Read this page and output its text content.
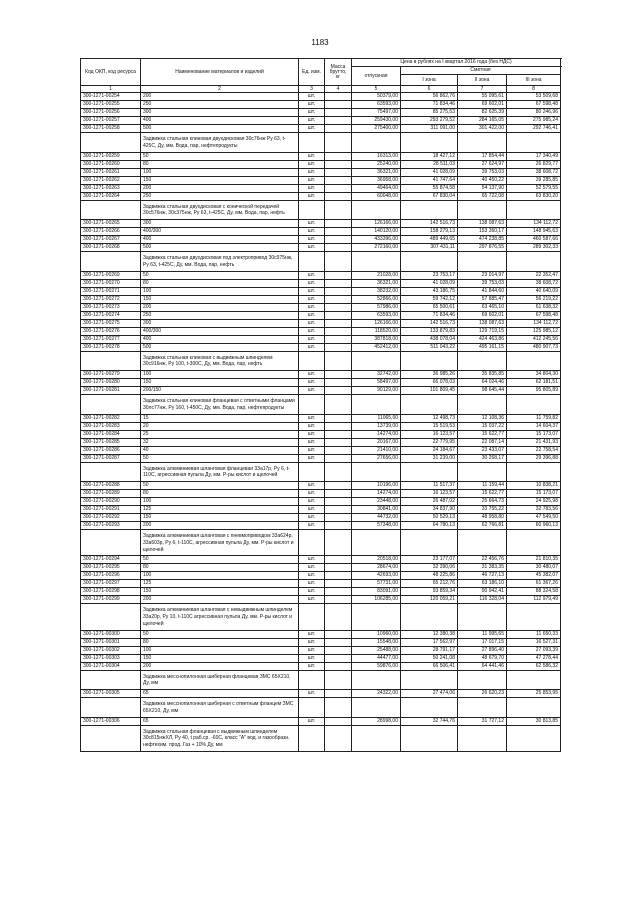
1183
Код ОКП, код ресурса	Наименование материалов и изделий	Ед. изм.	Масса брутто, кг	Цена в рублях на I квартал 2016 года (без НДС)				
				отпускная	Сметная			
					I зона	II зона	III зона	
1	2	3	4	5	6	7	8	
300-1271-00254	200	шт.		50379,00	56 862,76	55 095,61	53 509,68	
300-1271-00255	250	шт.		63593,00	71 834,46	69 602,01	67 598,48	
300-1271-00256	300	шт.		75497,00	85 275,53	82 625,39	80 246,96	
300-1271-00257	400	шт.		259430,00	293 279,52	284 165,05	275 985,24	
300-1271-00258	500	шт.		275400,00	311 091,00	301 422,00	292 746,41	
	Задвижка стальная клиновая двухдисковая 30с76нж Ру 63, t-425С, Ду, мм. Вода, пар, нефтепродукты							
300-1271-00259	50	шт.		16313,00	18 427,12	17 854,44	17 340,49	
300-1271-00260	80	шт.		25240,00	28 511,03	27 624,97	26 829,77	
300-1271-00261	100	шт.		36321,00	41 028,09	39 753,03	38 608,72	
300-1271-00262	150	шт.		36958,00	41 747,64	40 450,22	39 285,85	
300-1271-00263	200	шт.		49464,00	55 874,58	54 137,90	52 579,55	
300-1271-00264	250	шт.		60048,00	67 830,04	65 722,08	63 830,20	
	Задвижка стальная двухдисковая с конической передачей 30с576нж, 30с375нж, Ру 63, t-425С, Ду, мм. Вода, пар, нефть							
300-1271-00265	300	шт.		126166,00	142 516,73	138 087,63	134 112,72	
300-1271-00266	400/300	шт.		140120,00	158 279,13	153 360,17	148 945,63	
300-1271-00267	400	шт.		433396,00	489 449,65	474 238,85	460 587,66	
300-1271-00268	500	шт.		272160,00	307 431,11	297 876,55	289 302,33	
	Задвижка стальная двухдисковая под электропривод 30с975нж, Ру 63, t-425С, Ду, мм. Вода, пар, нефть							
300-1271-00269	50	шт.		21028,00	23 753,17	23 014,97	22 352,47	
300-1271-00270	80	шт.		36321,00	41 028,09	39 753,03	38 608,72	
300-1271-00271	100	шт.		38232,00	43 186,75	41 844,60	40 640,09	
300-1271-00272	150	шт.		52866,00	59 742,12	57 885,47	56 219,22	
300-1271-00273	200	шт.		57986,00	65 500,61	63 465,10	61 638,32	
300-1271-00274	250	шт.		63593,00	71 834,46	69 602,01	67 598,48	
300-1271-00275	300	шт.		126166,00	142 516,73	138 087,63	134 112,72	
300-1271-00276	400/300	шт.		118520,00	133 879,83	129 719,15	125 985,12	
300-1271-00277	400	шт.		387818,00	438 078,04	424 463,86	412 245,56	
300-1271-00278	500	шт.		452412,00	511 043,22	495 161,15	480 907,73	
	Задвижка стальная клиновая с выдвижным шпинделем 30с916нж, Ру 100, t-300С, Ду, мм. Вода, пар, нефть							
300-1271-00279	100	шт.		32742,00	36 985,26	35 835,85	34 804,30	
300-1271-00280	150	шт.		58497,00	66 078,03	64 024,46	62 181,51	
300-1271-00281	200/150	шт.		90129,00	101 809,45	98 645,44	95 805,89	
	Задвижка стальная клиновая фланцевая с ответными фланцами 30лс77нж, Ру 160, t-450С, Ду, мм. Вода, пар, нефтепродукты							
300-1271-00282	15	шт.		11065,00	12 498,73	12 108,36	11 759,82	
300-1271-00283	20	шт.		13739,00	15 519,53	15 037,22	14 604,37	
300-1271-00284	25	шт.		14274,00	16 123,57	15 622,77	15 173,07	
300-1271-00285	32	шт.		20167,00	22 779,95	22 087,14	21 431,93	
300-1271-00286	40	шт.		21410,00	24 184,67	23 433,07	22 758,54	
300-1271-00287	50	шт.		27656,00	31 239,00	30 268,17	29 396,88	
	Задвижка алюминиевая шланговая фланцевая 33а17р, Ру 6, t-110С, агрессивная пульпа Ду, мм. Р-ры кислот и щелочей							
300-1271-00288	50	шт.		10196,00	11 517,37	11 159,44	10 838,21	
300-1271-00289	80	шт.		14274,00	16 123,57	15 622,77	15 173,07	
300-1271-00290	100	шт.		23448,00	26 487,02	25 664,73	24 925,98	
300-1271-00291	125	шт.		30841,00	34 837,90	33 755,22	32 783,56	
300-1271-00292	150	шт.		44732,00	50 529,13	48 958,80	47 549,50	
300-1271-00293	200	шт.		57348,00	64 780,13	62 766,81	60 960,13	
	Задвижка алюминиевая шланговая с пневмоприводом 33а624р, 33а603р, Ру 6, t-110С, агрессивная пульпа Ду, мм. Р-ры кислот и щелочей							
300-1271-00294	50	шт.		20518,00	23 177,07	22 456,76	21 810,35	
300-1271-00295	80	шт.		28674,00	32 390,06	31 383,35	30 480,07	
300-1271-00296	100	шт.		42693,00	48 225,86	46 727,13	45 382,07	
300-1271-00297	125	шт.		57731,00	65 212,76	63 186,10	61 367,26	
300-1271-00298	150	шт.		83091,00	93 859,34	90 942,41	88 324,58	
300-1271-00299	200	шт.		106285,00	120 059,21	116 328,04	112 979,49	
	Задвижка алюминиевая шланговая с невыдвижным шпинделем 33а20р, Ру 10, t-110С агрессивная пульпа Ду, мм. Р-ры кислот и щелочей							
300-1271-00300	50	шт.		10960,00	12 380,38	11 995,65	11 650,33	
300-1271-00301	80	шт.		15548,00	17 562,97	17 017,15	16 527,31	
300-1271-00302	100	шт.		25488,00	28 791,17	27 896,40	27 093,39	
300-1271-00303	150	шт.		44477,00	50 241,08	48 679,70	47 278,44	
300-1271-00304	200	шт.		59876,00	66 506,41	64 441,46	62 586,32	
	Задвижка месснопилонная шиберная фланцевая ЗМС 65Х210, Ду, мм							
300-1271-00305	65	шт.		24322,00	27 474,06	26 620,23	25 853,95	
	Задвижка месснопилонная шиберная с ответным фланцем ЗМС 65Х210, Ду, мм							
300-1271-00306	65	шт.		28998,00	32 744,76	31 727,12	30 813,85	
	Задвижка стальная фланцевая с выдвижным шпинделем 30с815нжХЛ, Ру 40, t раб.ср. -60С, класс "А" вод. и газообразн. нефтехим. прод. Газ + 10% Ду, мм							
